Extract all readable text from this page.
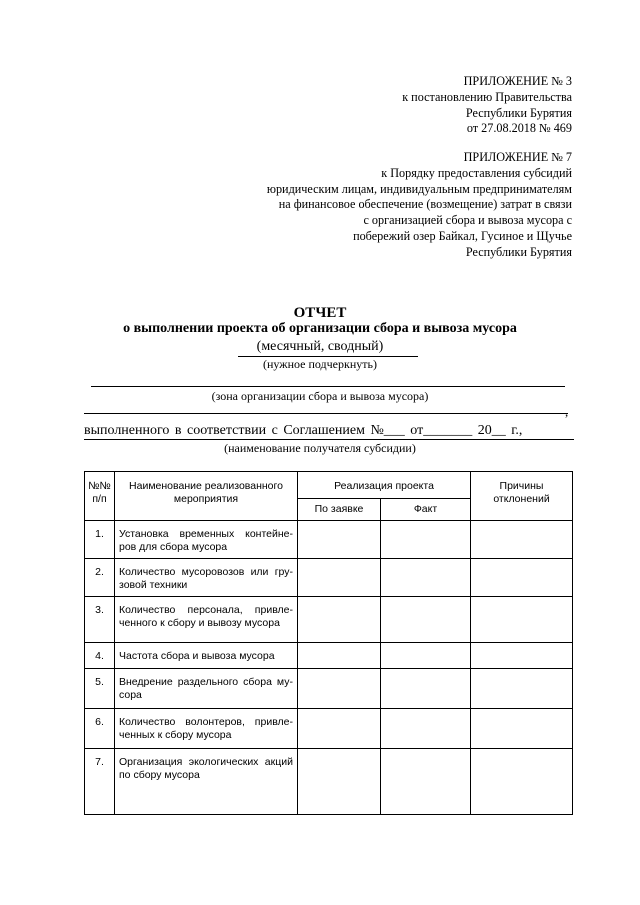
ПРИЛОЖЕНИЕ № 3
к постановлению Правительства
Республики Бурятия
от 27.08.2018 № 469
ПРИЛОЖЕНИЕ № 7
к Порядку предоставления субсидий
юридическим лицам, индивидуальным предпринимателям
на финансовое обеспечение (возмещение) затрат в связи
с организацией сбора и вывоза мусора с
побережий озер Байкал, Гусиное и Щучье
Республики Бурятия
ОТЧЕТ
о выполнении проекта об организации сбора и вывоза мусора
(месячный, сводный)
(нужное подчеркнуть)
(зона организации сбора и вывоза мусора)
,
выполненного в соответствии с Соглашением №___ от_______ 20__ г.,
(наименование получателя субсидии)
№№ п/п	Наименование реализованного мероприятия	Реализация проекта		Причины отклонений
		По заявке	Факт	
1.	Установка временных контейне-ров для сбора мусора			
2.	Количество мусоровозов или гру-зовой техники			
3.	Количество персонала, привле-ченного к сбору и вывозу мусора			
4.	Частота сбора и вывоза мусора			
5.	Внедрение раздельного сбора му-сора			
6.	Количество волонтеров, привле-ченных к сбору мусора			
7.	Организация экологических акций по сбору мусора			
